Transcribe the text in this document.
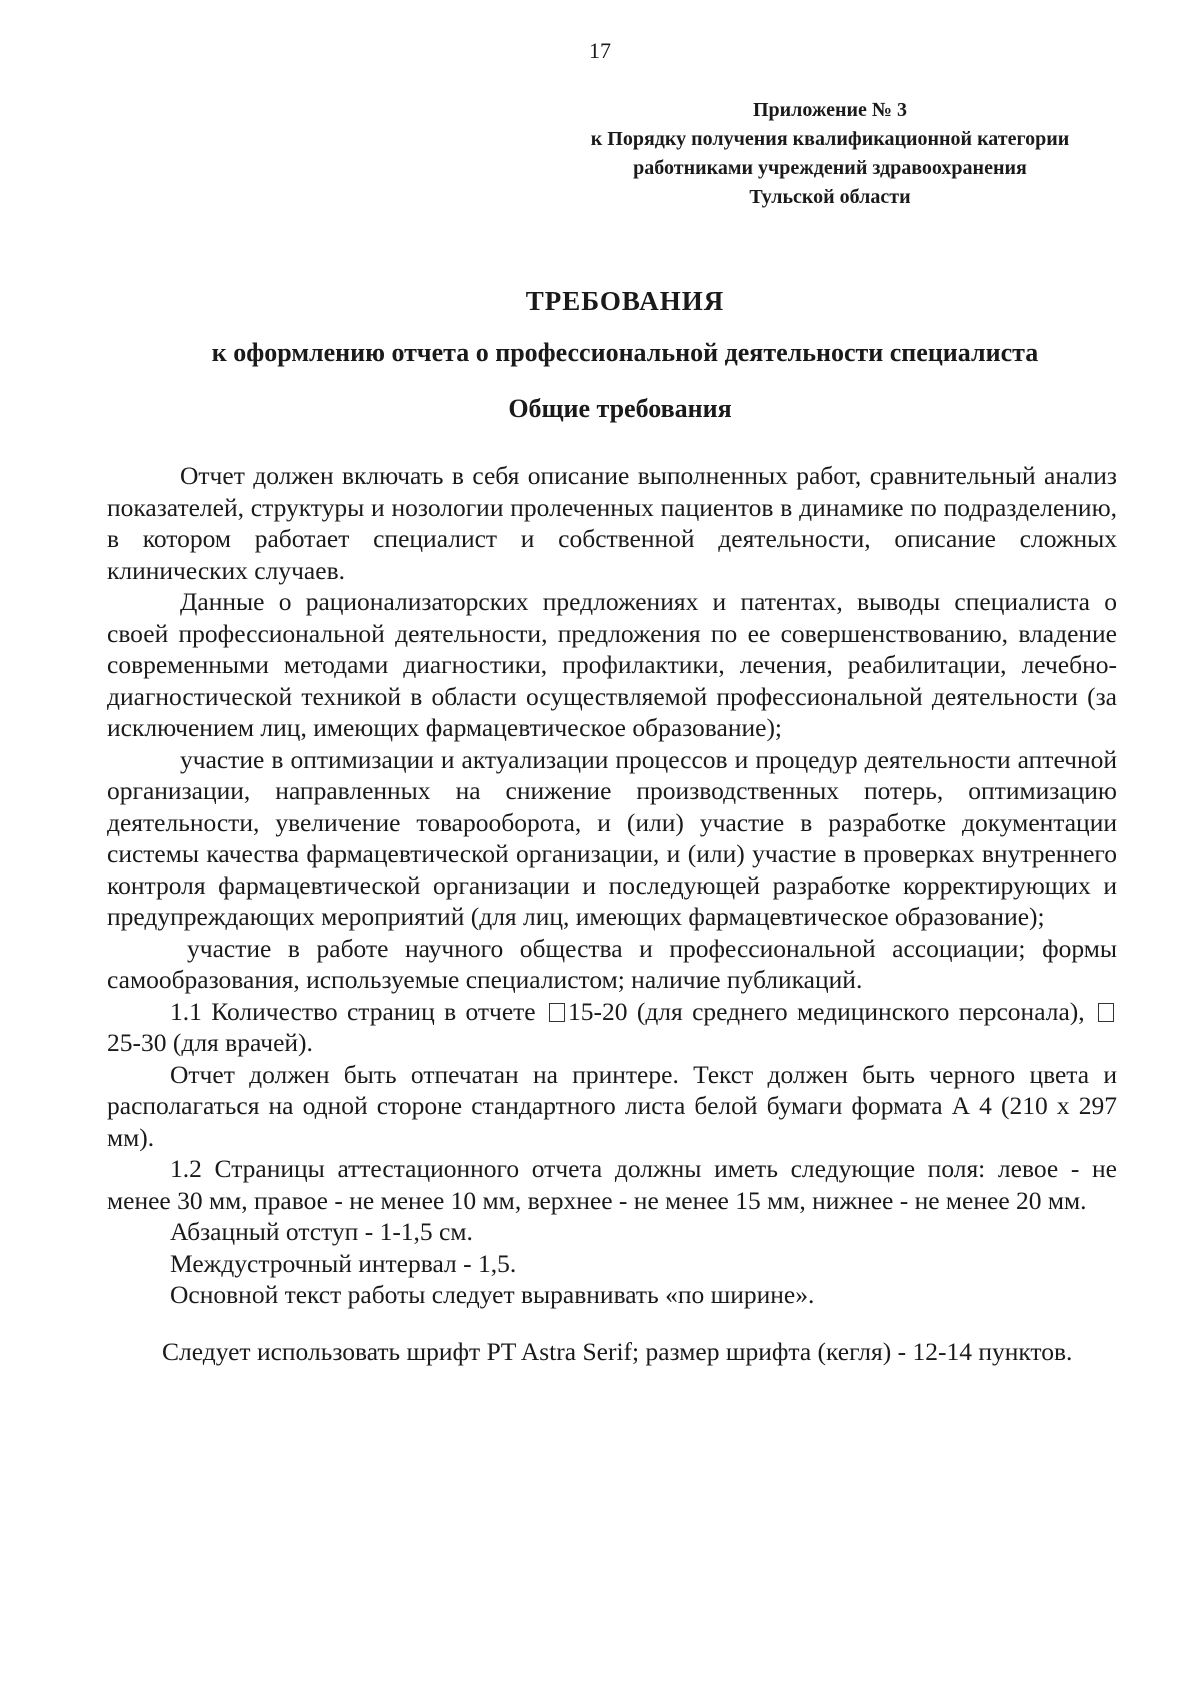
17
Приложение № 3
к Порядку получения квалификационной категории
работниками учреждений здравоохранения
Тульской области
ТРЕБОВАНИЯ
к оформлению отчета о профессиональной деятельности специалиста
Общие требования

Отчет должен включать в себя описание выполненных работ, сравнительный анализ показателей, структуры и нозологии пролеченных пациентов в динамике по подразделению, в котором работает специалист и собственной деятельности, описание сложных клинических случаев.

Данные о рационализаторских предложениях и патентах, выводы специалиста о своей профессиональной деятельности, предложения по ее совершенствованию, владение современными методами диагностики, профилактики, лечения, реабилитации, лечебно- диагностической техникой в области осуществляемой профессиональной деятельности (за исключением лиц, имеющих фармацевтическое образование);

участие в оптимизации и актуализации процессов и процедур деятельности аптечной организации, направленных на снижение производственных потерь, оптимизацию деятельности, увеличение товарооборота, и (или) участие в разработке документации системы качества фармацевтической организации, и (или) участие в проверках внутреннего контроля фармацевтической организации и последующей разработке корректирующих и предупреждающих мероприятий (для лиц, имеющих фармацевтическое образование);

участие в работе научного общества и профессиональной ассоциации; формы самообразования, используемые специалистом; наличие публикаций.

1.1 Количество страниц в отчете 15-20 (для среднего медицинского персонала), 25-30 (для врачей).

Отчет должен быть отпечатан на принтере. Текст должен быть черного цвета и располагаться на одной стороне стандартного листа белой бумаги формата А 4 (210 х 297 мм).

1.2 Страницы аттестационного отчета должны иметь следующие поля: левое - не менее 30 мм, правое - не менее 10 мм, верхнее - не менее 15 мм, нижнее - не менее 20 мм.

Абзацный отступ - 1-1,5 см.

Междустрочный интервал - 1,5.

Основной текст работы следует выравнивать «по ширине».

Следует использовать шрифт PT Astra Serif; размер шрифта (кегля) - 12-14 пунктов.
